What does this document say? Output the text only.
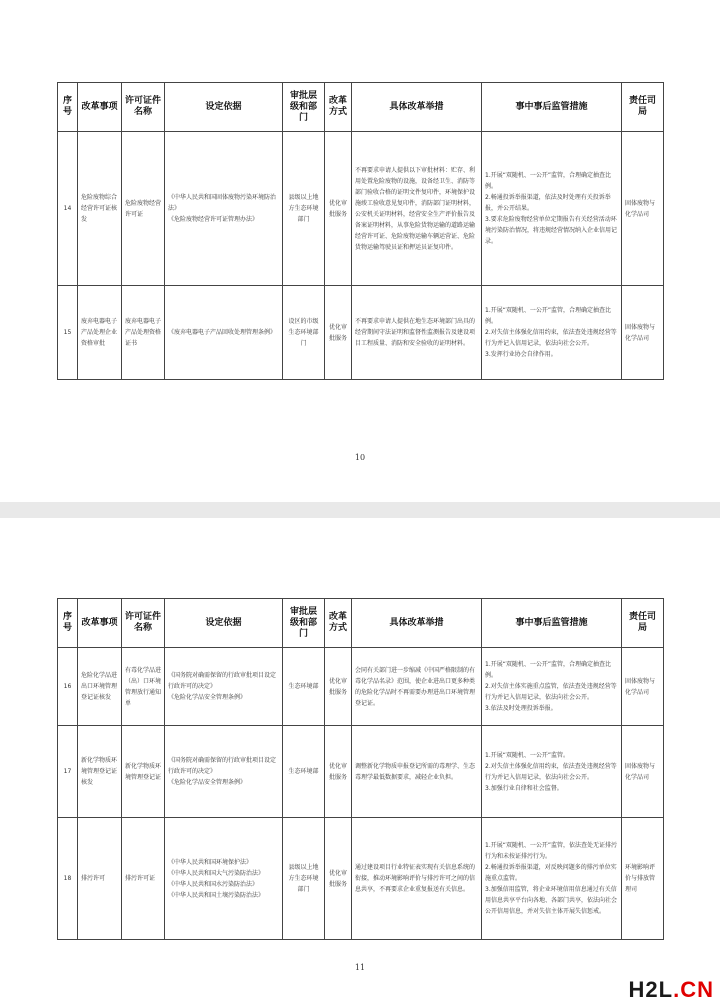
序号	改革事项	许可证件名称	设定依据	审批层级和部门	改革方式	具体改革举措	事中事后监管措施	责任司局
14	危险废物综合经营许可证核发	危险废物经营许可证	《中华人民共和国固体废物污染环境防治法》
《危险废物经营许可证管理办法》	县级以上地方生态环境部门	优化审批服务	不再要求申请人提供以下审批材料：贮存、利用处置危险废物的设施，设备经卫生、消防等部门验收合格的证明文件复印件，环境保护设施竣工验收意见复印件，消防部门证明材料，公安机关证明材料，经营安全生产评价报告及备案证明材料，从事危险货物运输的道路运输经营许可证、危险废物运输车辆运营证、危险货物运输驾驶员证和押运员证复印件。	1.开展“双随机、一公开”监管，合理确定抽查比例。
2.畅通投诉举报渠道，依法及时处理有关投诉举报，并公开结果。
3.要求危险废物经营单位定期报告有关经营活动环境污染防治情况，将违规经营情况纳入企业信用记录。	固体废物与化学品司
15	废弃电器电子产品处理企业资格审批	废弃电器电子产品处理资格证书	《废弃电器电子产品回收处理管理条例》	设区的市级生态环境部门	优化审批服务	不再要求申请人提供在地生态环境部门出具的经营期间守法证明和监督性监测报告及建设项目工程质量、消防和安全验收的证明材料。	1.开展“双随机、一公开”监管，合理确定抽查比例。
2.对失信主体强化信用约束，依法查处违规经营等行为并记入信用记录，依法向社会公开。
3.发挥行业协会自律作用。	固体废物与化学品司
10
序号	改革事项	许可证件名称	设定依据	审批层级和部门	改革方式	具体改革举措	事中事后监管措施	责任司局
16	危险化学品进出口环境管理登记证核发	有毒化学品进（出）口环境管理放行通知单	《国务院对确需保留的行政审批项目设定行政许可的决定》
《危险化学品安全管理条例》	生态环境部	优化审批服务	会同有关部门进一步缩减《中国严格限制的有毒化学品名录》范围，使企业进出口更多种类的危险化学品时不再需要办理进出口环境管理登记证。	1.开展“双随机、一公开”监管，合理确定抽查比例。
2.对失信主体实施重点监管，依法查处违规经营等行为并记入信用记录，依法向社会公开。
3.依法及时处理投诉举报。	固体废物与化学品司
17	新化学物质环境管理登记证核发	新化学物质环境管理登记证	《国务院对确需保留的行政审批项目设定行政许可的决定》
《危险化学品安全管理条例》	生态环境部	优化审批服务	调整新化学物质申报登记所需的毒理学、生态毒理学最低数据要求，减轻企业负担。	1.开展“双随机、一公开”监管。
2.对失信主体强化信用约束，依法查处违规经营等行为并记入信用记录，依法向社会公开。
3.加强行业自律和社会监督。	固体废物与化学品司
18	排污许可	排污许可证	《中华人民共和国环境保护法》
《中华人民共和国大气污染防治法》
《中华人民共和国水污染防治法》
《中华人民共和国土壤污染防治法》	县级以上地方生态环境部门	优化审批服务	通过建设项目行业特征表实现有关信息系统的衔接，推动环境影响评价与排污许可之间的信息共享，不再要求企业重复报送有关信息。	1.开展“双随机、一公开”监管，依法查处无证排污行为和未按证排污行为。
2.畅通投诉举报渠道，对反映问题多的排污单位实施重点监管。
3.加强信用监管，将企业环境信用信息通过有关信用信息共享平台向各地、各部门共享，依法向社会公开信用信息，并对失信主体开展失信惩戒。	环境影响评价与排放管理司
11
H2L.CN
